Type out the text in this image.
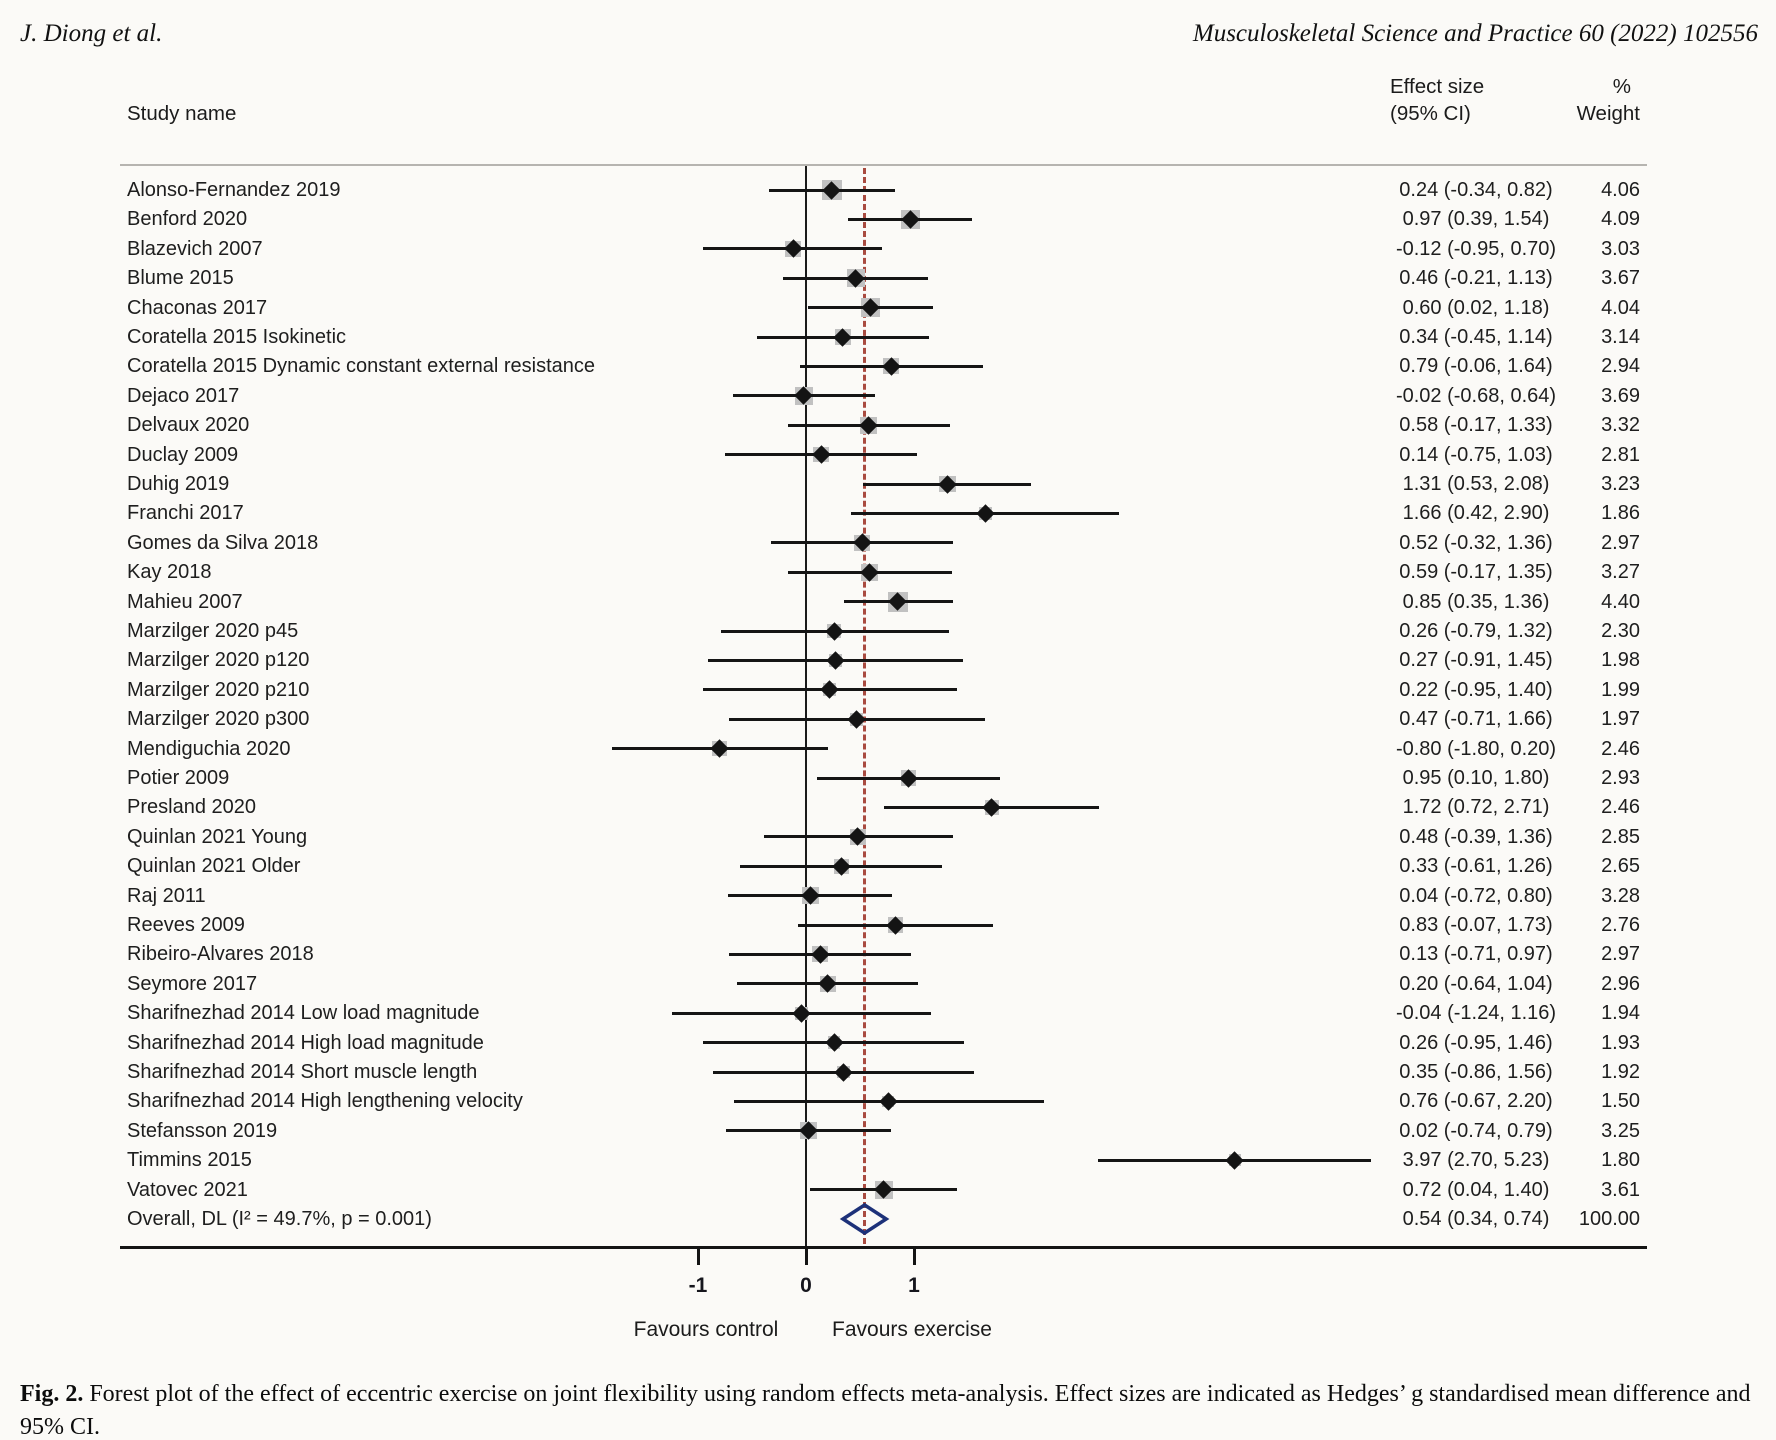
J. Diong et al.	Musculoskeletal Science and Practice 60 (2022) 102556
Study name
Effect size
(95% CI)
%
Weight
-1	0	1
Alonso-Fernandez 2019	0.24 (-0.34, 0.82)	4.06
Benford 2020	0.97 (0.39, 1.54)	4.09
Blazevich 2007	-0.12 (-0.95, 0.70)	3.03
Blume 2015	0.46 (-0.21, 1.13)	3.67
Chaconas 2017	0.60 (0.02, 1.18)	4.04
Coratella 2015 Isokinetic	0.34 (-0.45, 1.14)	3.14
Coratella 2015 Dynamic constant external resistance	0.79 (-0.06, 1.64)	2.94
Dejaco 2017	-0.02 (-0.68, 0.64)	3.69
Delvaux 2020	0.58 (-0.17, 1.33)	3.32
Duclay 2009	0.14 (-0.75, 1.03)	2.81
Duhig 2019	1.31 (0.53, 2.08)	3.23
Franchi 2017	1.66 (0.42, 2.90)	1.86
Gomes da Silva 2018	0.52 (-0.32, 1.36)	2.97
Kay 2018	0.59 (-0.17, 1.35)	3.27
Mahieu 2007	0.85 (0.35, 1.36)	4.40
Marzilger 2020 p45	0.26 (-0.79, 1.32)	2.30
Marzilger 2020 p120	0.27 (-0.91, 1.45)	1.98
Marzilger 2020 p210	0.22 (-0.95, 1.40)	1.99
Marzilger 2020 p300	0.47 (-0.71, 1.66)	1.97
Mendiguchia 2020	-0.80 (-1.80, 0.20)	2.46
Potier 2009	0.95 (0.10, 1.80)	2.93
Presland 2020	1.72 (0.72, 2.71)	2.46
Quinlan 2021 Young	0.48 (-0.39, 1.36)	2.85
Quinlan 2021 Older	0.33 (-0.61, 1.26)	2.65
Raj 2011	0.04 (-0.72, 0.80)	3.28
Reeves 2009	0.83 (-0.07, 1.73)	2.76
Ribeiro-Alvares 2018	0.13 (-0.71, 0.97)	2.97
Seymore 2017	0.20 (-0.64, 1.04)	2.96
Sharifnezhad 2014 Low load magnitude	-0.04 (-1.24, 1.16)	1.94
Sharifnezhad 2014 High load magnitude	0.26 (-0.95, 1.46)	1.93
Sharifnezhad 2014 Short muscle length	0.35 (-0.86, 1.56)	1.92
Sharifnezhad 2014 High lengthening velocity	0.76 (-0.67, 2.20)	1.50
Stefansson 2019	0.02 (-0.74, 0.79)	3.25
Timmins 2015	3.97 (2.70, 5.23)	1.80
Vatovec 2021	0.72 (0.04, 1.40)	3.61
Overall, DL (I² = 49.7%, p = 0.001)	0.54 (0.34, 0.74)	100.00
Favours control	Favours exercise
Fig. 2. Forest plot of the effect of eccentric exercise on joint flexibility using random effects meta-analysis. Effect sizes are indicated as Hedges’ g standardised mean difference and 95% CI.
